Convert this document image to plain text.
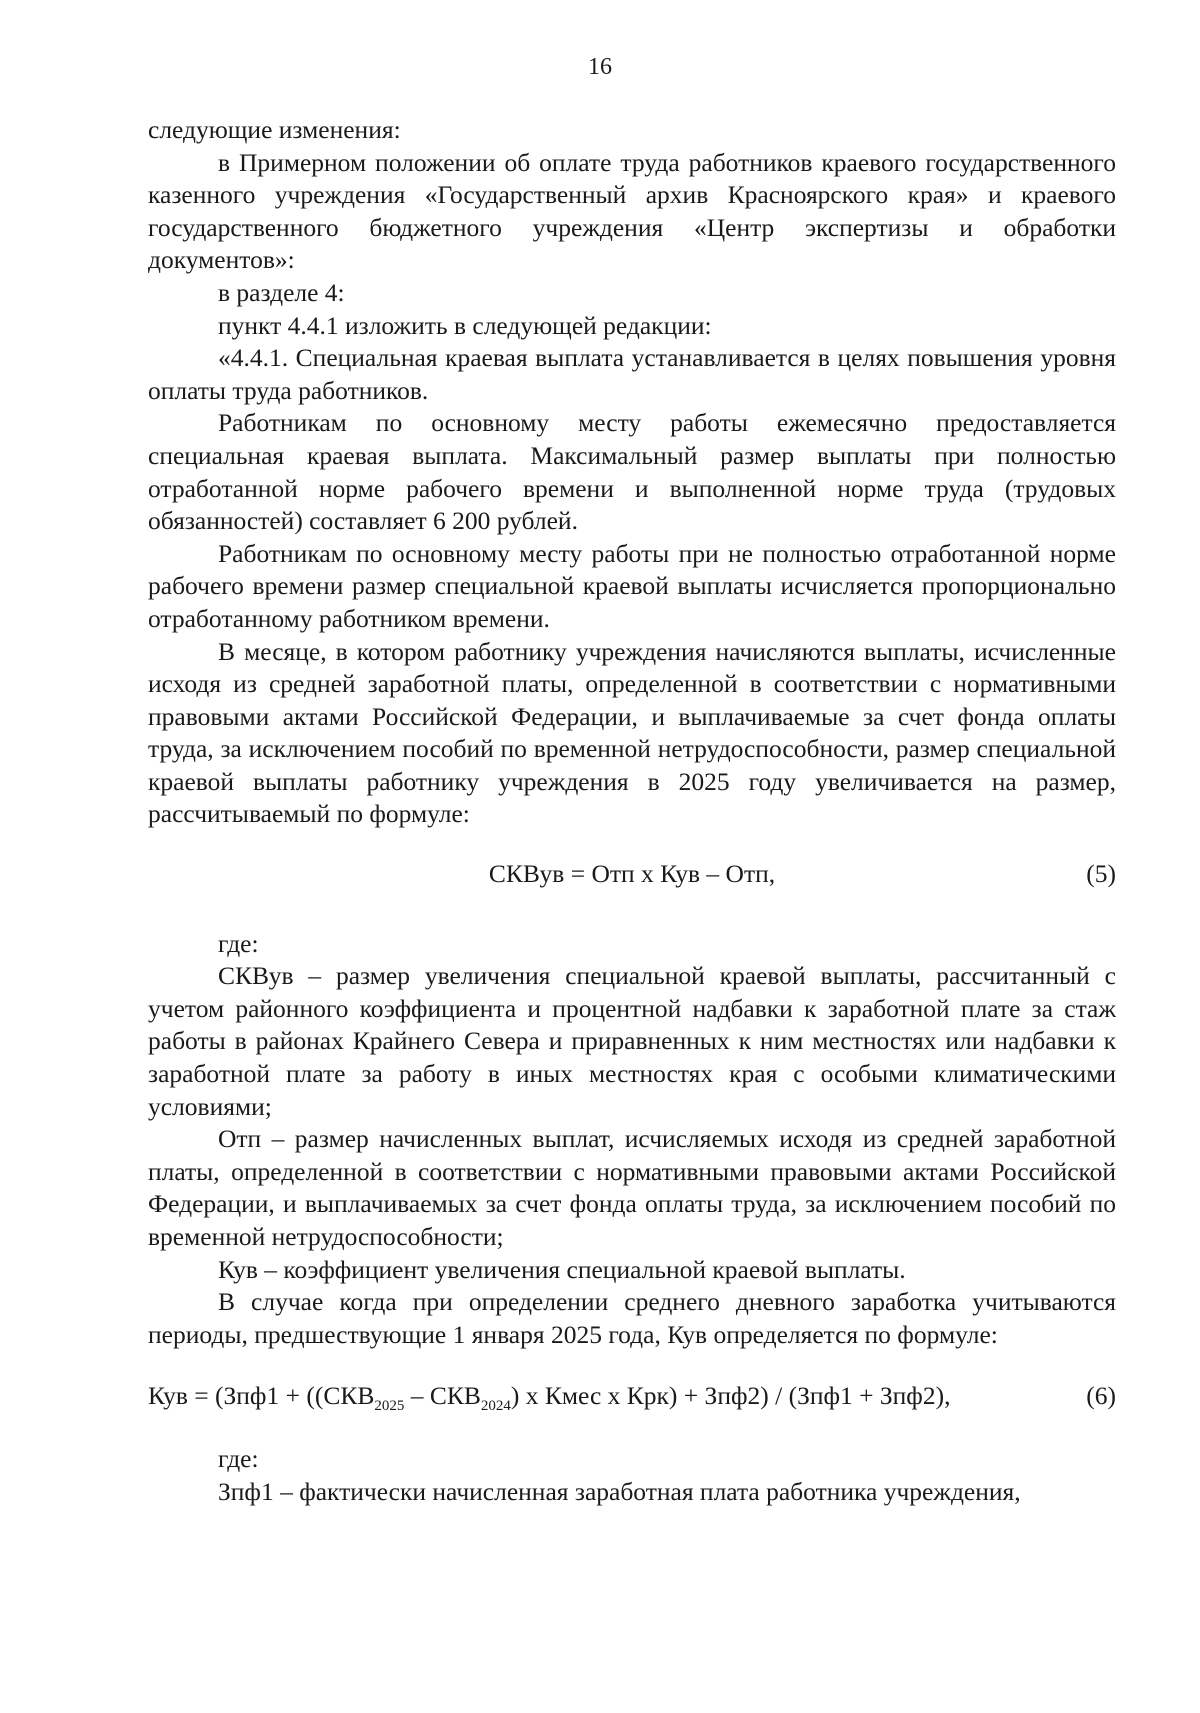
16

следующие изменения:

в Примерном положении об оплате труда работников краевого государственного казенного учреждения «Государственный архив Красноярского края» и краевого государственного бюджетного учреждения «Центр экспертизы и обработки документов»:

в разделе 4:

пункт 4.4.1 изложить в следующей редакции:

«4.4.1. Специальная краевая выплата устанавливается в целях повышения уровня оплаты труда работников.

Работникам по основному месту работы ежемесячно предоставляется специальная краевая выплата. Максимальный размер выплаты при полностью отработанной норме рабочего времени и выполненной норме труда (трудовых обязанностей) составляет 6 200 рублей.

Работникам по основному месту работы при не полностью отработанной норме рабочего времени размер специальной краевой выплаты исчисляется пропорционально отработанному работником времени.

В месяце, в котором работнику учреждения начисляются выплаты, исчисленные исходя из средней заработной платы, определенной в соответствии с нормативными правовыми актами Российской Федерации, и выплачиваемые за счет фонда оплаты труда, за исключением пособий по временной нетрудоспособности, размер специальной краевой выплаты работнику учреждения в 2025 году увеличивается на размер, рассчитываемый по формуле:

СКВув = Отп х Кув – Отп,	(5)

где:

СКВув – размер увеличения специальной краевой выплаты, рассчитанный с учетом районного коэффициента и процентной надбавки к заработной плате за стаж работы в районах Крайнего Севера и приравненных к ним местностях или надбавки к заработной плате за работу в иных местностях края с особыми климатическими условиями;

Отп – размер начисленных выплат, исчисляемых исходя из средней заработной платы, определенной в соответствии с нормативными правовыми актами Российской Федерации, и выплачиваемых за счет фонда оплаты труда, за исключением пособий по временной нетрудоспособности;

Кув – коэффициент увеличения специальной краевой выплаты.

В случае когда при определении среднего дневного заработка учитываются периоды, предшествующие 1 января 2025 года, Кув определяется по формуле:

Кув = ($Зпф1 + ((СКВ_{2025} - СКВ_{2024})$ х Кмес х Крк) + Зпф2) / (Зпф1 + Зпф2),	(6)

где:

Зпф1 – фактически начисленная заработная плата работника учреждения,
